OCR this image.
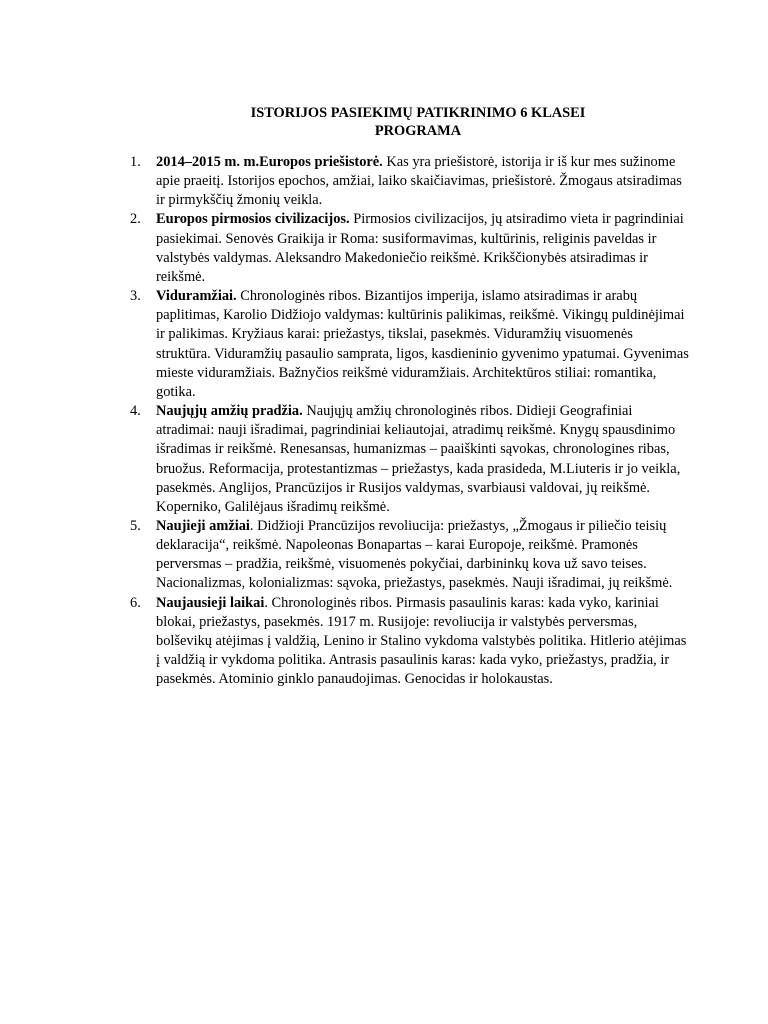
ISTORIJOS PASIEKIMŲ PATIKRINIMO 6 KLASEI
PROGRAMA
1. 2014–2015 m. m.Europos priešistorė. Kas yra priešistorė, istorija ir iš kur mes sužinome
apie praeitį. Istorijos epochos, amžiai, laiko skaičiavimas, priešistorė. Žmogaus atsiradimas
ir pirmykščių žmonių veikla.
2. Europos pirmosios civilizacijos. Pirmosios civilizacijos, jų atsiradimo vieta ir pagrindiniai
pasiekimai. Senovės Graikija ir Roma: susiformavimas, kultūrinis, religinis paveldas ir
valstybės valdymas. Aleksandro Makedoniečio reikšmė. Krikščionybės atsiradimas ir
reikšmė.
3. Viduramžiai. Chronologinės ribos. Bizantijos imperija, islamo atsiradimas ir arabų
paplitimas, Karolio Didžiojo valdymas: kultūrinis palikimas, reikšmė. Vikingų puldinėjimai
ir palikimas. Kryžiaus karai: priežastys, tikslai, pasekmės. Viduramžių visuomenės
struktūra. Viduramžių pasaulio samprata, ligos, kasdieninio gyvenimo ypatumai. Gyvenimas
mieste viduramžiais. Bažnyčios reikšmė viduramžiais. Architektūros stiliai: romantika,
gotika.
4. Naujųjų amžių pradžia. Naujųjų amžių chronologinės ribos. Didieji Geografiniai
atradimai: nauji išradimai, pagrindiniai keliautojai, atradimų reikšmė. Knygų spausdinimo
išradimas ir reikšmė. Renesansas, humanizmas – paaiškinti sąvokas, chronologines ribas,
bruožus. Reformacija, protestantizmas – priežastys, kada prasideda, M.Liuteris ir jo veikla,
pasekmės. Anglijos, Prancūzijos ir Rusijos valdymas, svarbiausi valdovai, jų reikšmė.
Koperniko, Galilėjaus išradimų reikšmė.
5. Naujieji amžiai. Didžioji Prancūzijos revoliucija: priežastys, „Žmogaus ir piliečio teisių
deklaracija“, reikšmė. Napoleonas Bonapartas – karai Europoje, reikšmė. Pramonės
perversmas – pradžia, reikšmė, visuomenės pokyčiai, darbininkų kova už savo teises.
Nacionalizmas, kolonializmas: sąvoka, priežastys, pasekmės. Nauji išradimai, jų reikšmė.
6. Naujausieji laikai. Chronologinės ribos. Pirmasis pasaulinis karas: kada vyko, kariniai
blokai, priežastys, pasekmės. 1917 m. Rusijoje: revoliucija ir valstybės perversmas,
bolševikų atėjimas į valdžią, Lenino ir Stalino vykdoma valstybės politika. Hitlerio atėjimas
į valdžią ir vykdoma politika. Antrasis pasaulinis karas: kada vyko, priežastys, pradžia, ir
pasekmės. Atominio ginklo panaudojimas. Genocidas ir holokaustas.
